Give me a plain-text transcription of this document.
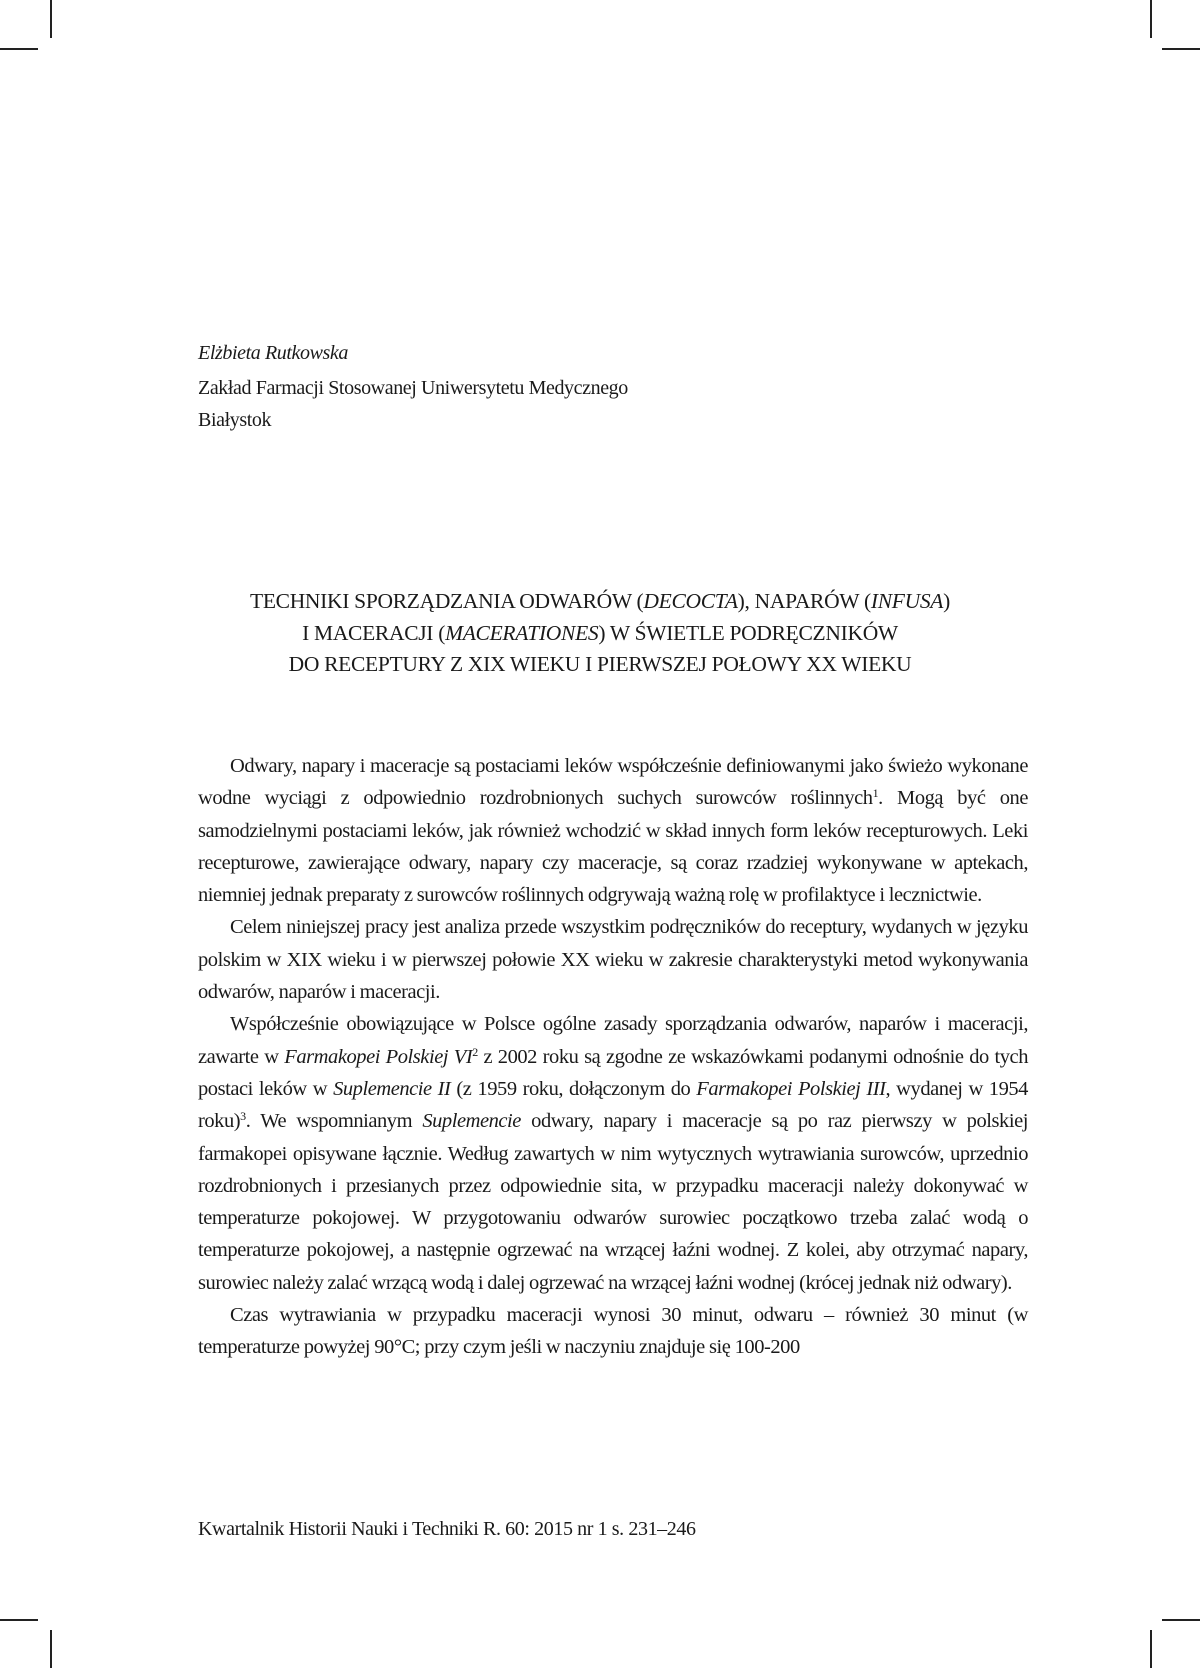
Elżbieta Rutkowska
Zakład Farmacji Stosowanej Uniwersytetu Medycznego
Białystok
TECHNIKI SPORZĄDZANIA ODWARÓW (DECOCTA), NAPARÓW (INFUSA)
I MACERACJI (MACERATIONES) W ŚWIETLE PODRĘCZNIKÓW
DO RECEPTURY Z XIX WIEKU I PIERWSZEJ POŁOWY XX WIEKU

Odwary, napary i maceracje są postaciami leków współcześnie definiowanymi jako świeżo wykonane wodne wyciągi z odpowiednio rozdrobnionych suchych surowców roślinnych$^1$. Mogą być one samodzielnymi postaciami leków, jak również wchodzić w skład innych form leków recepturowych. Leki recepturowe, zawierające odwary, napary czy maceracje, są coraz rzadziej wykonywane w aptekach, niemniej jednak preparaty z surowców roślinnych odgrywają ważną rolę w profilaktyce i lecznictwie.

Celem niniejszej pracy jest analiza przede wszystkim podręczników do receptury, wydanych w języku polskim w XIX wieku i w pierwszej połowie XX wieku w zakresie charakterystyki metod wykonywania odwarów, naparów i maceracji.

Współcześnie obowiązujące w Polsce ogólne zasady sporządzania odwarów, naparów i maceracji, zawarte w Farmakopei Polskiej $VI^2$ z 2002 roku są zgodne ze wskazówkami podanymi odnośnie do tych postaci leków w Suplemencie II (z 1959 roku, dołączonym do Farmakopei Polskiej III, wydanej w 1954 roku)$^3$. We wspomnianym Suplemencie odwary, napary i maceracje są po raz pierwszy w polskiej farmakopei opisywane łącznie. Według zawartych w nim wytycznych wytrawiania surowców, uprzednio rozdrobnionych i przesianych przez odpowiednie sita, w przypadku maceracji należy dokonywać w temperaturze pokojowej. W przygotowaniu odwarów surowiec początkowo trzeba zalać wodą o temperaturze pokojowej, a następnie ogrzewać na wrzącej łaźni wodnej. Z kolei, aby otrzymać napary, surowiec należy zalać wrzącą wodą i dalej ogrzewać na wrzącej łaźni wodnej (krócej jednak niż odwary).

Czas wytrawiania w przypadku maceracji wynosi 30 minut, odwaru – również 30 minut (w temperaturze powyżej 90°C; przy czym jeśli w naczyniu znajduje się 100-200

Kwartalnik Historii Nauki i Techniki R. 60: 2015 nr 1 s. 231–246
